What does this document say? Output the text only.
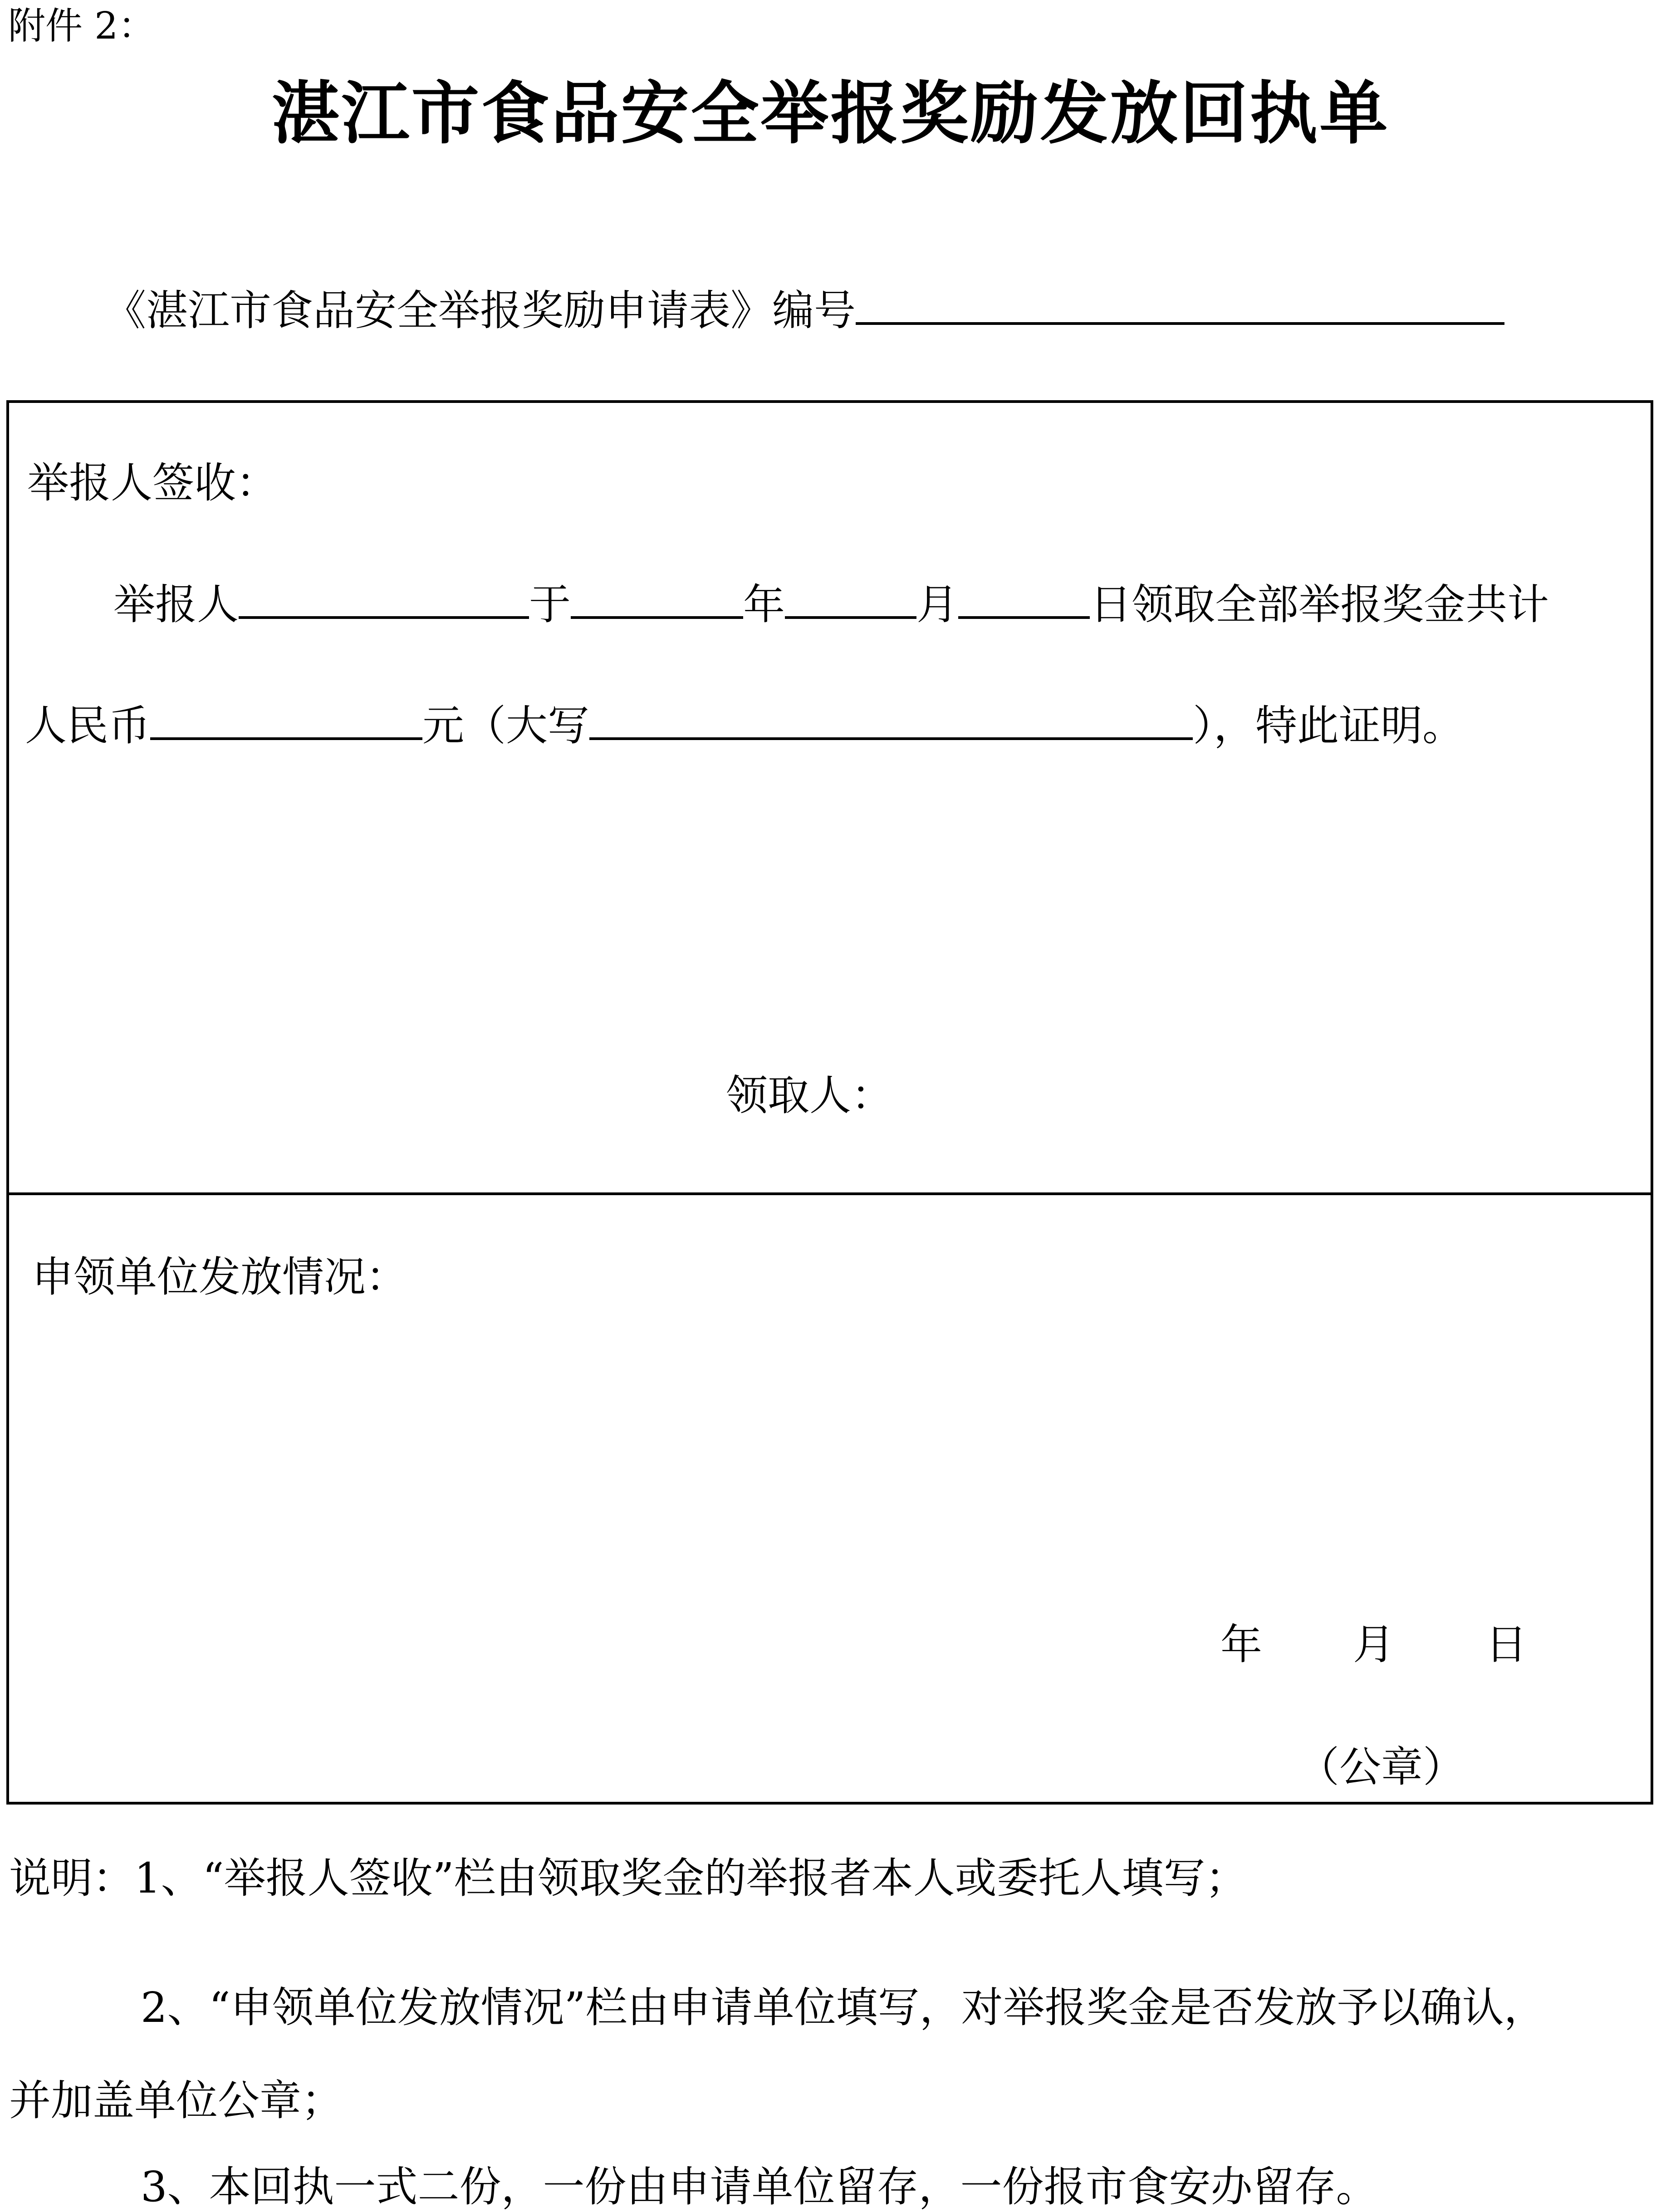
附件 2：
湛江市食品安全举报奖励发放回执单
《湛江市食品安全举报奖励申请表》编号
举报人签收：
举报人	于	年	月	日领取全部举报奖金共计
人民币	元（大写	），特此证明。
领取人：
申领单位发放情况：
年 月 日
（公章）
说明：1、“举报人签收”栏由领取奖金的举报者本人或委托人填写；
2、“申领单位发放情况”栏由申请单位填写，对举报奖金是否发放予以确认，
并加盖单位公章；
3、本回执一式二份，一份由申请单位留存，一份报市食安办留存。
